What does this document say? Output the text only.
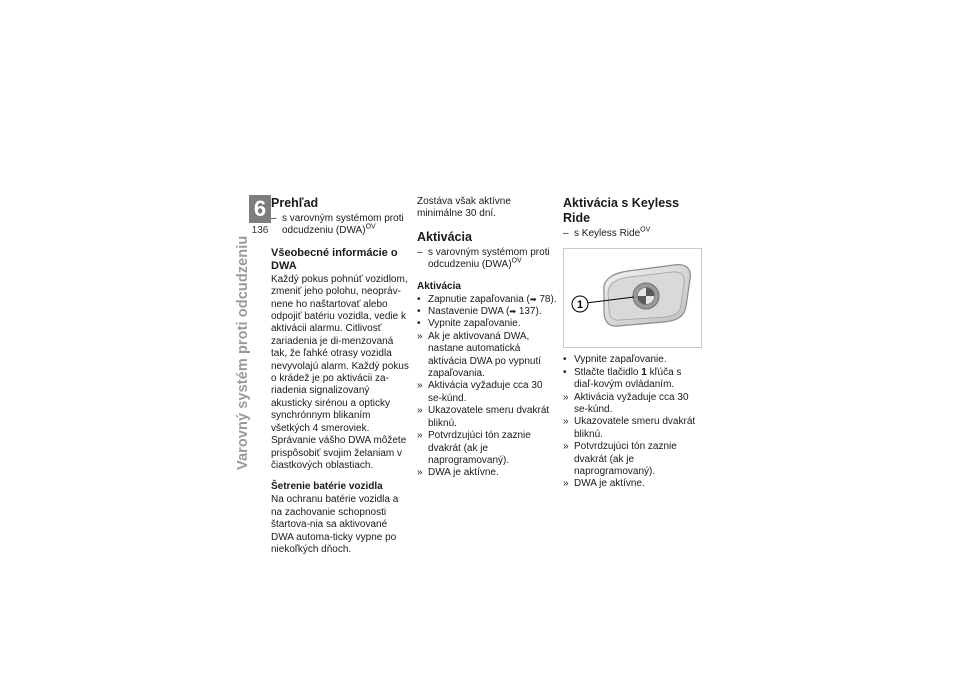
6
136
Varovný systém proti odcudzeniu
Prehľad
– s varovným systémom proti odcudzeniu (DWA)$^{OV}$
Všeobecné informácie o DWA

Každý pokus pohnúť vozidlom, zmeniť jeho polohu, neopráv-nene ho naštartovať alebo odpojiť batériu vozidla, vedie k aktivácii alarmu. Citlivosť zariadenia je di-menzovaná tak, že ľahké otrasy vozidla nevyvolajú alarm. Každý pokus o krádež je po aktivácii za-riadenia signalizovaný akusticky sirénou a opticky synchrónnym blikaním všetkých 4 smeroviek. Správanie vášho DWA môžete prispôsobiť svojim želaniam v čiastkových oblastiach.

Šetrenie batérie vozidla

Na ochranu batérie vozidla a na zachovanie schopnosti štartova-nia sa aktivované DWA automa-ticky vypne po niekoľkých dňoch.

Zostáva však aktívne minimálne 30 dní.

Aktivácia
– s varovným systémom proti odcudzeniu (DWA)$^{OV}$
Aktivácia
• Zapnutie zapaľovania (➡ 78).
• Nastavenie DWA (➡ 137).
• Vypnite zapaľovanie.
» Ak je aktivovaná DWA, nastane automatická aktivácia DWA po vypnutí zapaľovania.
» Aktivácia vyžaduje cca 30 se-kúnd.
» Ukazovatele smeru dvakrát bliknú.
» Potvrdzujúci tón zaznie dvakrát (ak je naprogramovaný).
» DWA je aktívne.
Aktivácia s Keyless Ride
– s Keyless Ride$^{OV}$
1
• Vypnite zapaľovanie.
• Stlačte tlačidlo 1 kľúča s diaľ-kovým ovládaním.
» Aktivácia vyžaduje cca 30 se-kúnd.
» Ukazovatele smeru dvakrát bliknú.
» Potvrdzujúci tón zaznie dvakrát (ak je naprogramovaný).
» DWA je aktívne.
